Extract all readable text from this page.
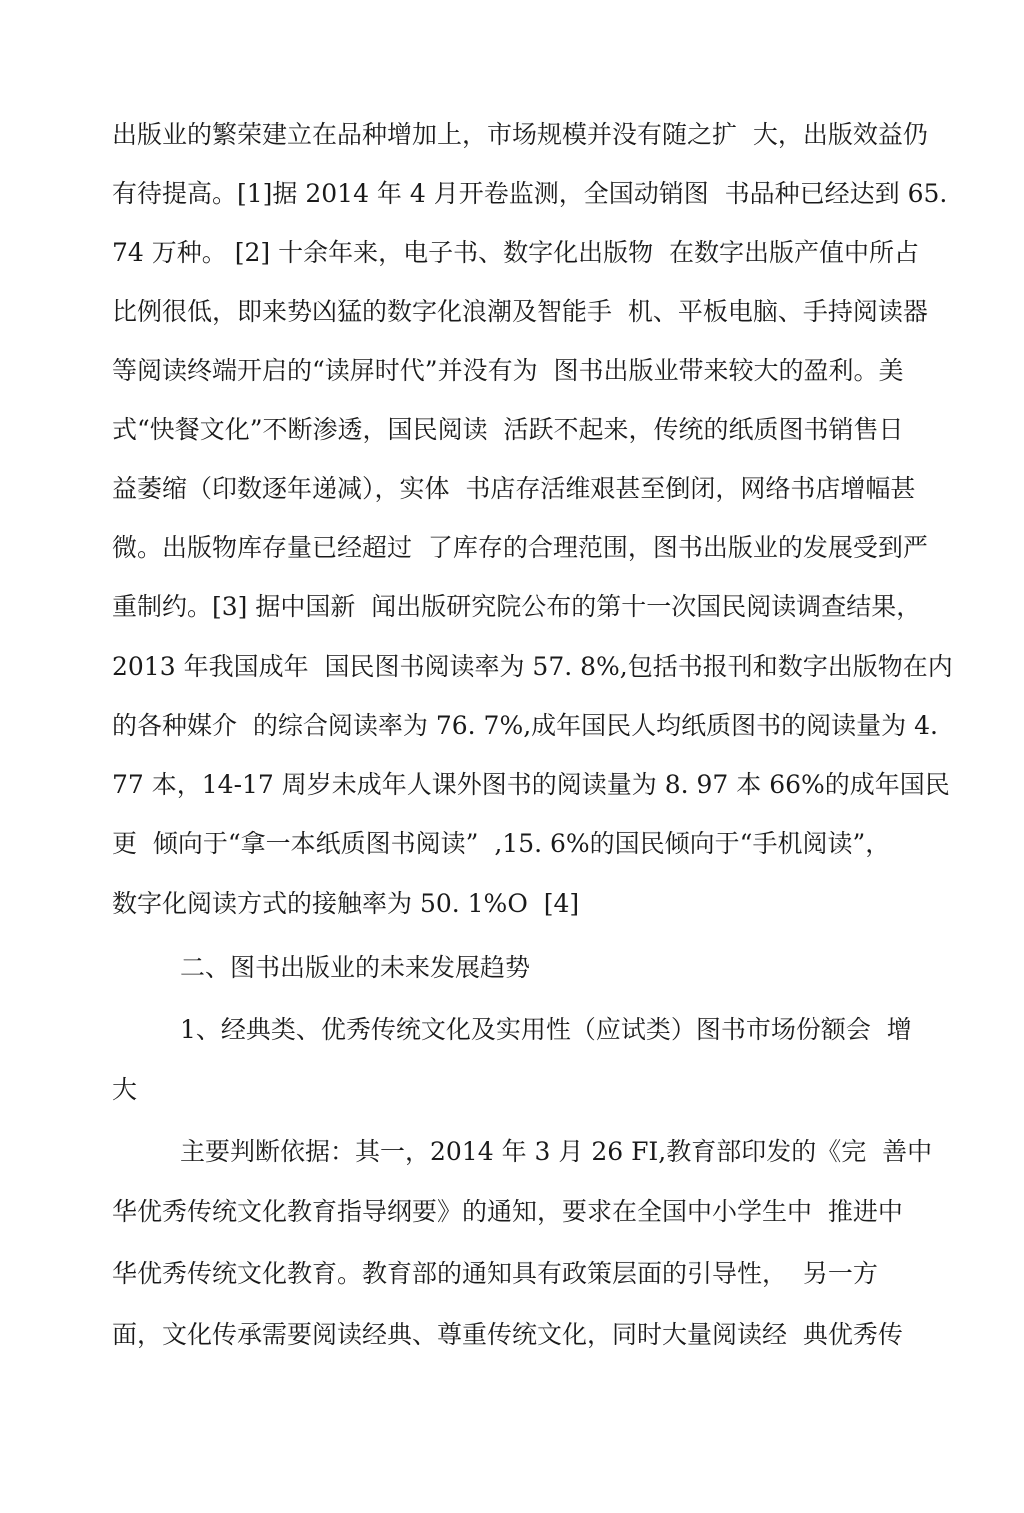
出版业的繁荣建立在品种增加上，市场规模并没有随之扩  大，出版效益仍
有待提高。[1]据 2014 年 4 月开卷监测，全国动销图  书品种已经达到 65.
74 万种。 [2] 十余年来，电子书、数字化出版物  在数字出版产值中所占
比例很低，即来势凶猛的数字化浪潮及智能手  机、平板电脑、手持阅读器
等阅读终端开启的“读屏时代”并没有为  图书出版业带来较大的盈利。美
式“快餐文化”不断渗透，国民阅读  活跃不起来，传统的纸质图书销售日
益萎缩（印数逐年递减），实体  书店存活维艰甚至倒闭，网络书店增幅甚
微。出版物库存量已经超过  了库存的合理范围，图书出版业的发展受到严
重制约。[3] 据中国新  闻出版研究院公布的第十一次国民阅读调查结果，
2013 年我国成年  国民图书阅读率为 57. 8%,包括书报刊和数字出版物在内
的各种媒介  的综合阅读率为 76. 7%,成年国民人均纸质图书的阅读量为 4.
77 本，14-17 周岁未成年人课外图书的阅读量为 8. 97 本 66%的成年国民
更  倾向于“拿一本纸质图书阅读”  ,15. 6%的国民倾向于“手机阅读”，
数字化阅读方式的接触率为 50. 1%O  [4]
二、图书出版业的未来发展趋势
1、经典类、优秀传统文化及实用性（应试类）图书市场份额会  增
大
主要判断依据：其一，2014 年 3 月 26 FI,教育部印发的《完  善中
华优秀传统文化教育指导纲要》的通知，要求在全国中小学生中  推进中
华优秀传统文化教育。教育部的通知具有政策层面的引导性，  另一方
面，文化传承需要阅读经典、尊重传统文化，同时大量阅读经  典优秀传
